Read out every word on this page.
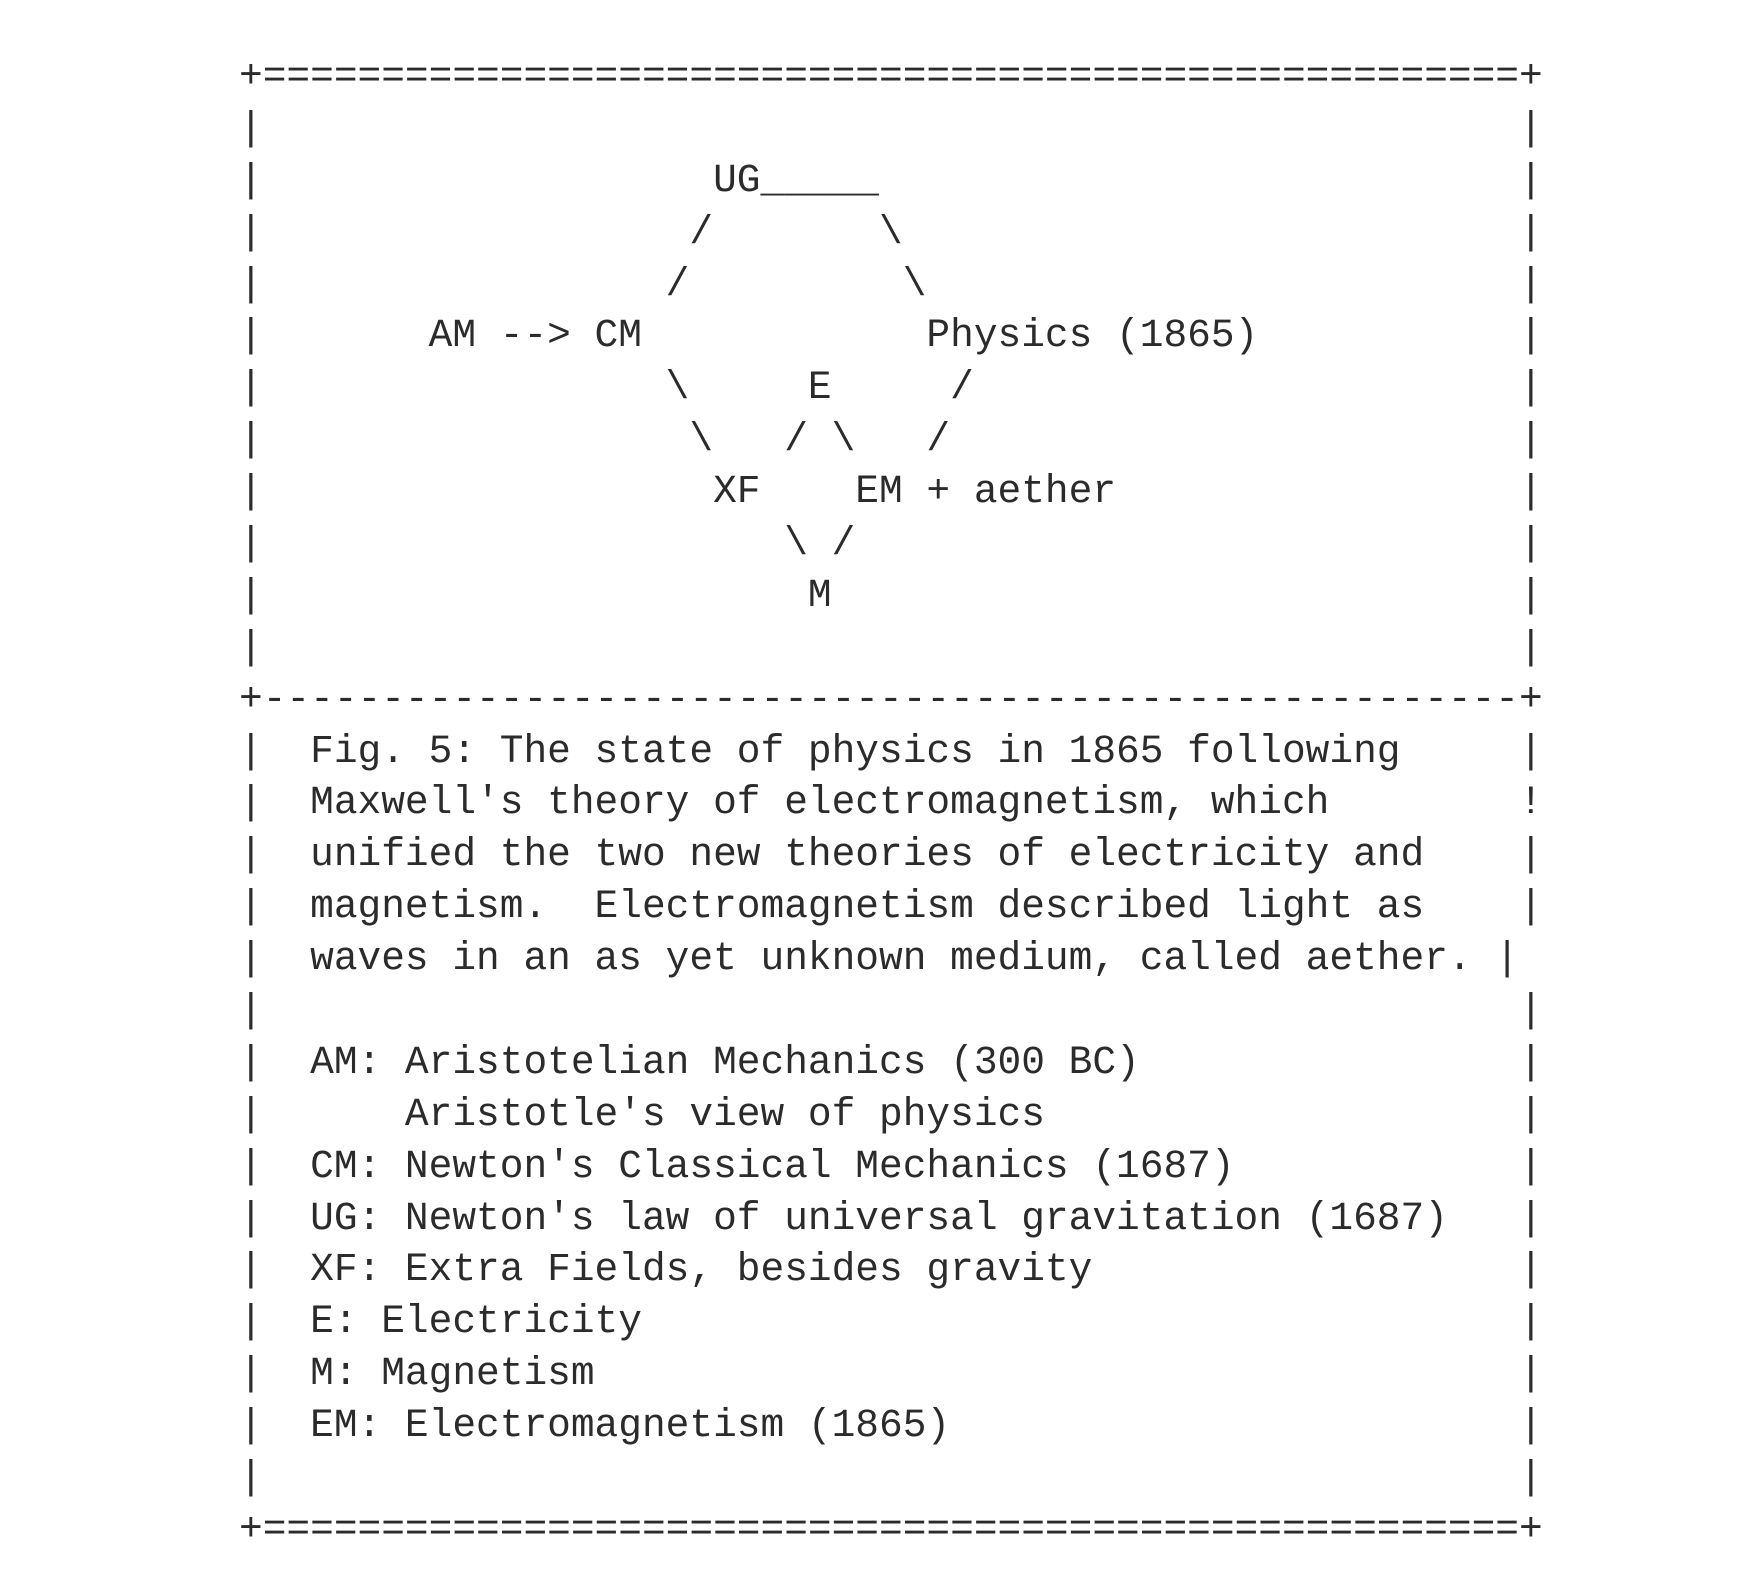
+=====================================================+
|                                                     |
|                   UG_____                           |
|                  /       \                          |
|                 /         \                         |
|       AM --> CM            Physics (1865)           |
|                 \     E     /                       |
|                  \   / \   /                        |
|                   XF    EM + aether                 |
|                      \ /                            |
|                       M                             |
|                                                     |
+-----------------------------------------------------+
|  Fig. 5: The state of physics in 1865 following     |
|  Maxwell's theory of electromagnetism, which        !
|  unified the two new theories of electricity and    |
|  magnetism.  Electromagnetism described light as    |
|  waves in an as yet unknown medium, called aether. |
|                                                     |
|  AM: Aristotelian Mechanics (300 BC)                |
|      Aristotle's view of physics                    |
|  CM: Newton's Classical Mechanics (1687)            |
|  UG: Newton's law of universal gravitation (1687)   |
|  XF: Extra Fields, besides gravity                  |
|  E: Electricity                                     |
|  M: Magnetism                                       |
|  EM: Electromagnetism (1865)                        |
|                                                     |
+=====================================================+
